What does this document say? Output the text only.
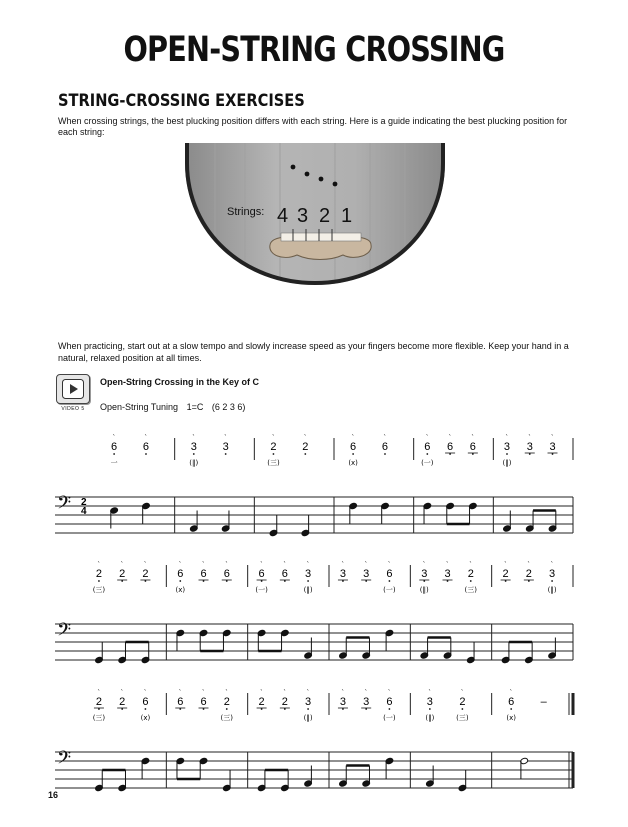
OPEN-STRING CROSSING
STRING-CROSSING EXERCISES
When crossing strings, the best plucking position differs with each string. Here is a guide indicating the best plucking position for each string:
Strings: 4 3 2 1
When practicing, start out at a slow tempo and slowly increase speed as your fingers become more flexible. Keep your hand in a natural, relaxed position at all times.
VIDEO 5
Open-String Crossing in the Key of C
Open-String Tuning 1=C (6 2 3 6)
𝄢 2
4
6
ˋ
一
6
ˋ
3
ˋ
(‖)
3
ˋ
2
ˋ
(三)
2
ˋ
6
ˋ
(x)
6
ˋ
6
ˋ
(一)
6
ˋ
6
ˋ
3
ˋ
(‖)
3
ˋ
3
ˋ
𝄢
2
ˋ
(三)
2
ˋ
2
ˋ
6
ˋ
(x)
6
ˋ
6
ˋ
6
ˋ
(一)
6
ˋ
3
ˋ
(‖)
3
ˋ
3
ˋ
6
ˋ
(一)
3
ˋ
(‖)
3
ˋ
2
ˋ
(三)
2
ˋ
2
ˋ
3
ˋ
(‖)
𝄢
2
ˋ
(三)
2
ˋ
6
ˋ
(x)
6
ˋ
6
ˋ
2
ˋ
(三)
2
ˋ
2
ˋ
3
ˋ
(‖)
3
ˋ
3
ˋ
6
ˋ
(一)
3
ˋ
(‖)
2
ˋ
(三)
6
ˋ
(x)
–
16
